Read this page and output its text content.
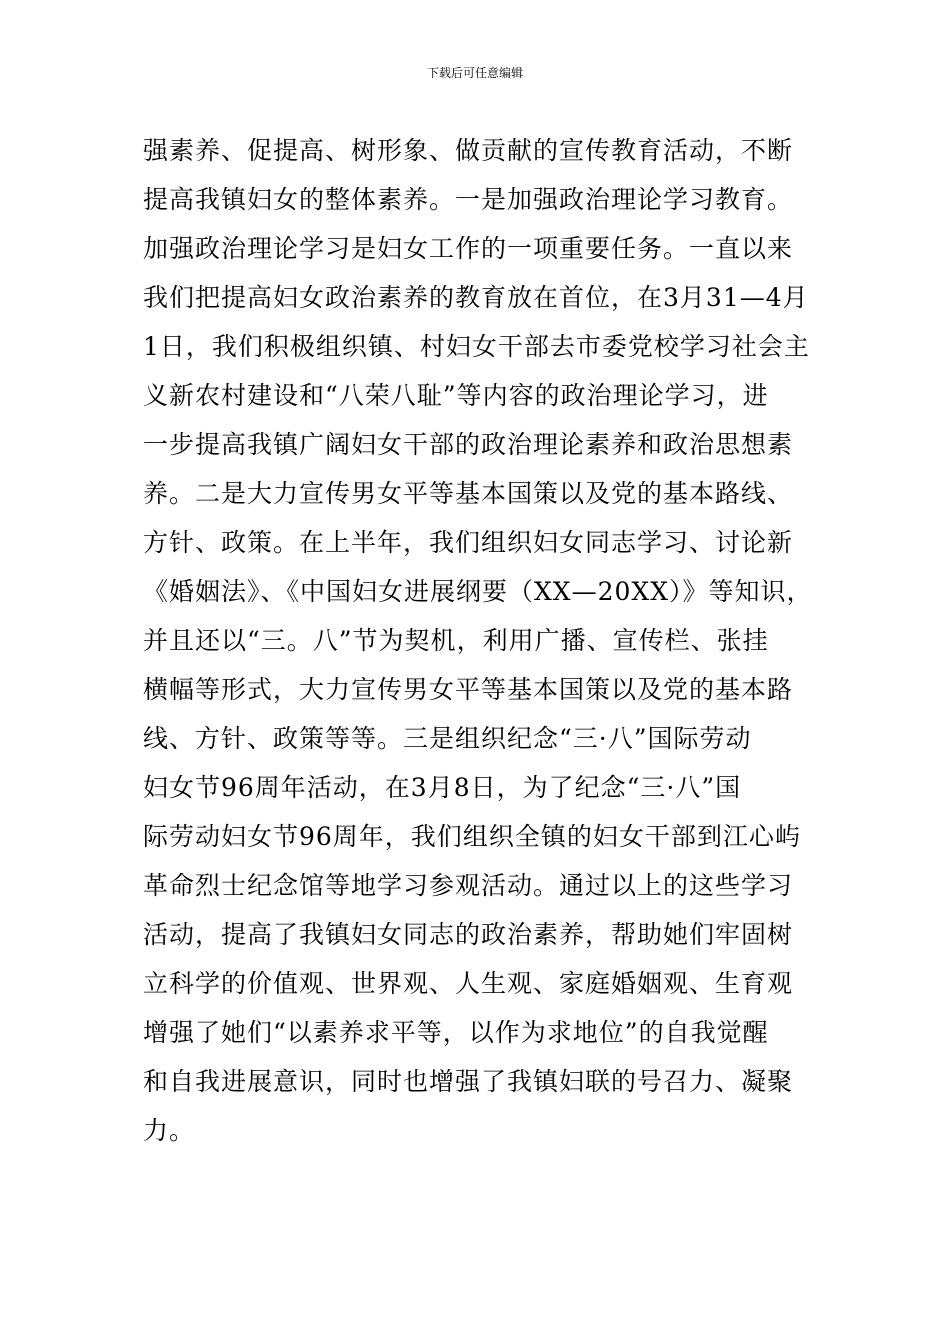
下载后可任意编辑
强素养、促提高、树形象、做贡献的宣传教育活动，不断
提高我镇妇女的整体素养。一是加强政治理论学习教育。
加强政治理论学习是妇女工作的一项重要任务。一直以来
我们把提高妇女政治素养的教育放在首位，在3月31—4月
1日，我们积极组织镇、村妇女干部去市委党校学习社会主
义新农村建设和“八荣八耻”等内容的政治理论学习，进
一步提高我镇广阔妇女干部的政治理论素养和政治思想素
养。二是大力宣传男女平等基本国策以及党的基本路线、
方针、政策。在上半年，我们组织妇女同志学习、讨论新
《婚姻法》、《中国妇女进展纲要（XX—20XX）》等知识，
并且还以“三。八”节为契机，利用广播、宣传栏、张挂
横幅等形式，大力宣传男女平等基本国策以及党的基本路
线、方针、政策等等。三是组织纪念“三·八”国际劳动
妇女节96周年活动，在3月8日，为了纪念“三·八”国
际劳动妇女节96周年，我们组织全镇的妇女干部到江心屿
革命烈士纪念馆等地学习参观活动。通过以上的这些学习
活动，提高了我镇妇女同志的政治素养，帮助她们牢固树
立科学的价值观、世界观、人生观、家庭婚姻观、生育观
增强了她们“以素养求平等，以作为求地位”的自我觉醒
和自我进展意识，同时也增强了我镇妇联的号召力、凝聚
力。
